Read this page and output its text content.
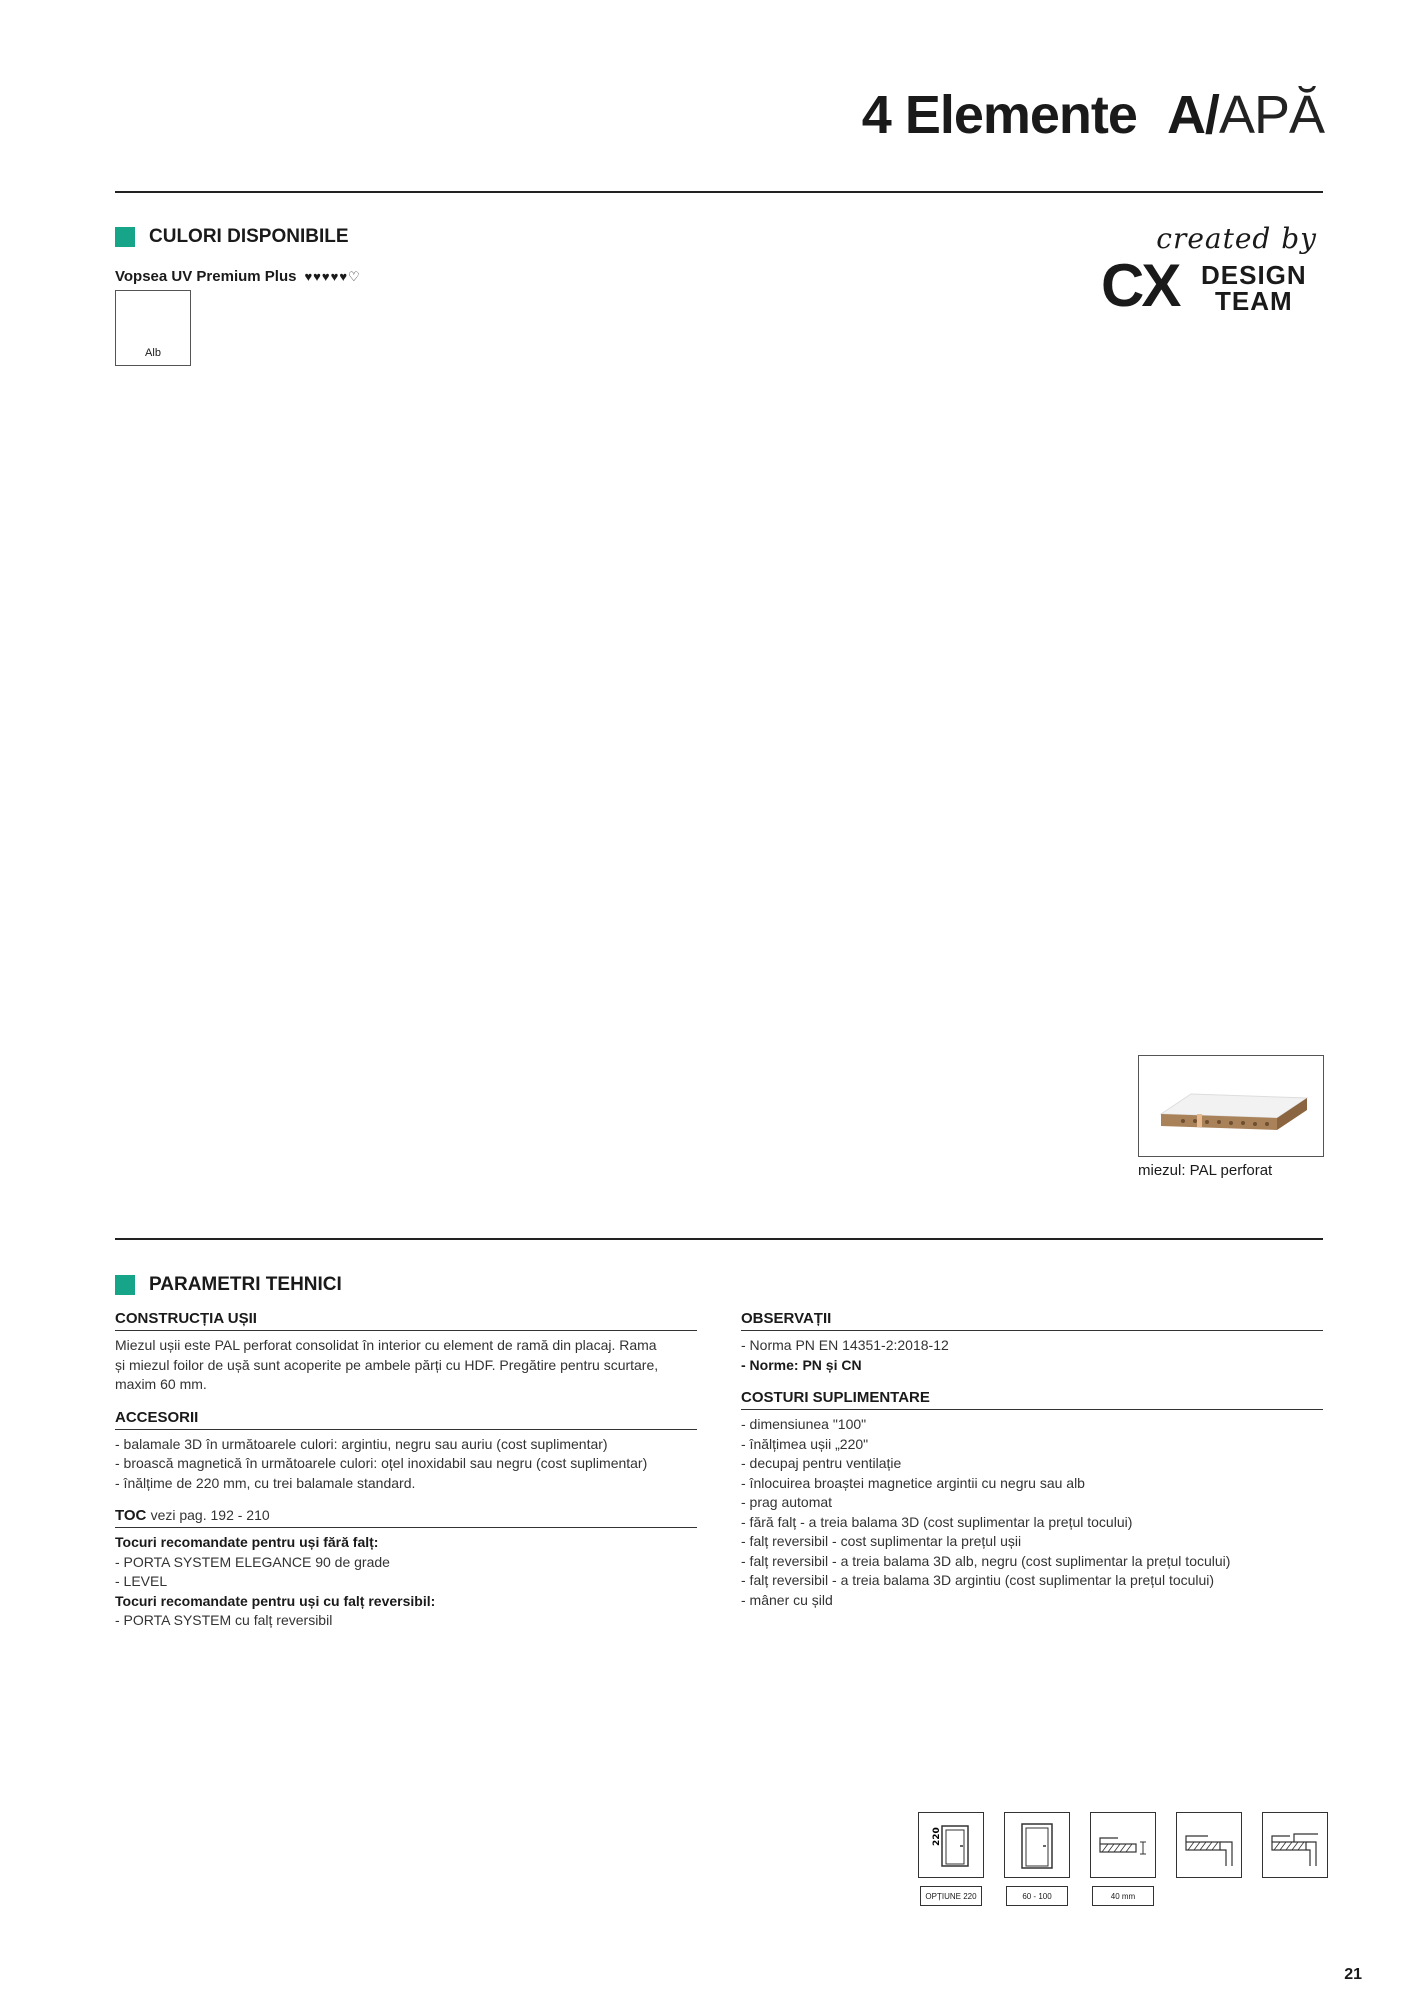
4 Elemente A/APĂ
CULORI DISPONIBILE
Vopsea UV Premium Plus ♥ ♥ ♥ ♥ ♥ ♡
Alb
created by
CX DESIGN
TEAM
miezul: PAL perforat
PARAMETRI TEHNICI
CONSTRUCȚIA UȘII
Miezul ușii este PAL perforat consolidat în interior cu element de ramă din placaj. Rama
și miezul foilor de ușă sunt acoperite pe ambele părți cu HDF. Pregătire pentru scurtare,
maxim 60 mm.
ACCESORII
- balamale 3D în următoarele culori: argintiu, negru sau auriu (cost suplimentar)
- broască magnetică în următoarele culori: oțel inoxidabil sau negru (cost suplimentar)
- înălțime de 220 mm, cu trei balamale standard.
TOC vezi pag. 192 - 210
Tocuri recomandate pentru uși fără falț:
- PORTA SYSTEM ELEGANCE 90 de grade
- LEVEL
Tocuri recomandate pentru uși cu falț reversibil:
- PORTA SYSTEM cu falț reversibil
OBSERVAȚII
- Norma PN EN 14351-2:2018-12
- Norme: PN și CN
COSTURI SUPLIMENTARE
- dimensiunea "100"
- înălțimea ușii „220"
- decupaj pentru ventilație
- înlocuirea broaștei magnetice argintii cu negru sau alb
- prag automat
- fără falț - a treia balama 3D (cost suplimentar la prețul tocului)
- falț reversibil - cost suplimentar la prețul ușii
- falț reversibil - a treia balama 3D alb, negru (cost suplimentar la prețul tocului)
- falț reversibil - a treia balama 3D argintiu (cost suplimentar la prețul tocului)
- mâner cu șild
220
OPȚIUNE 220	60 - 100	40 mm
21
